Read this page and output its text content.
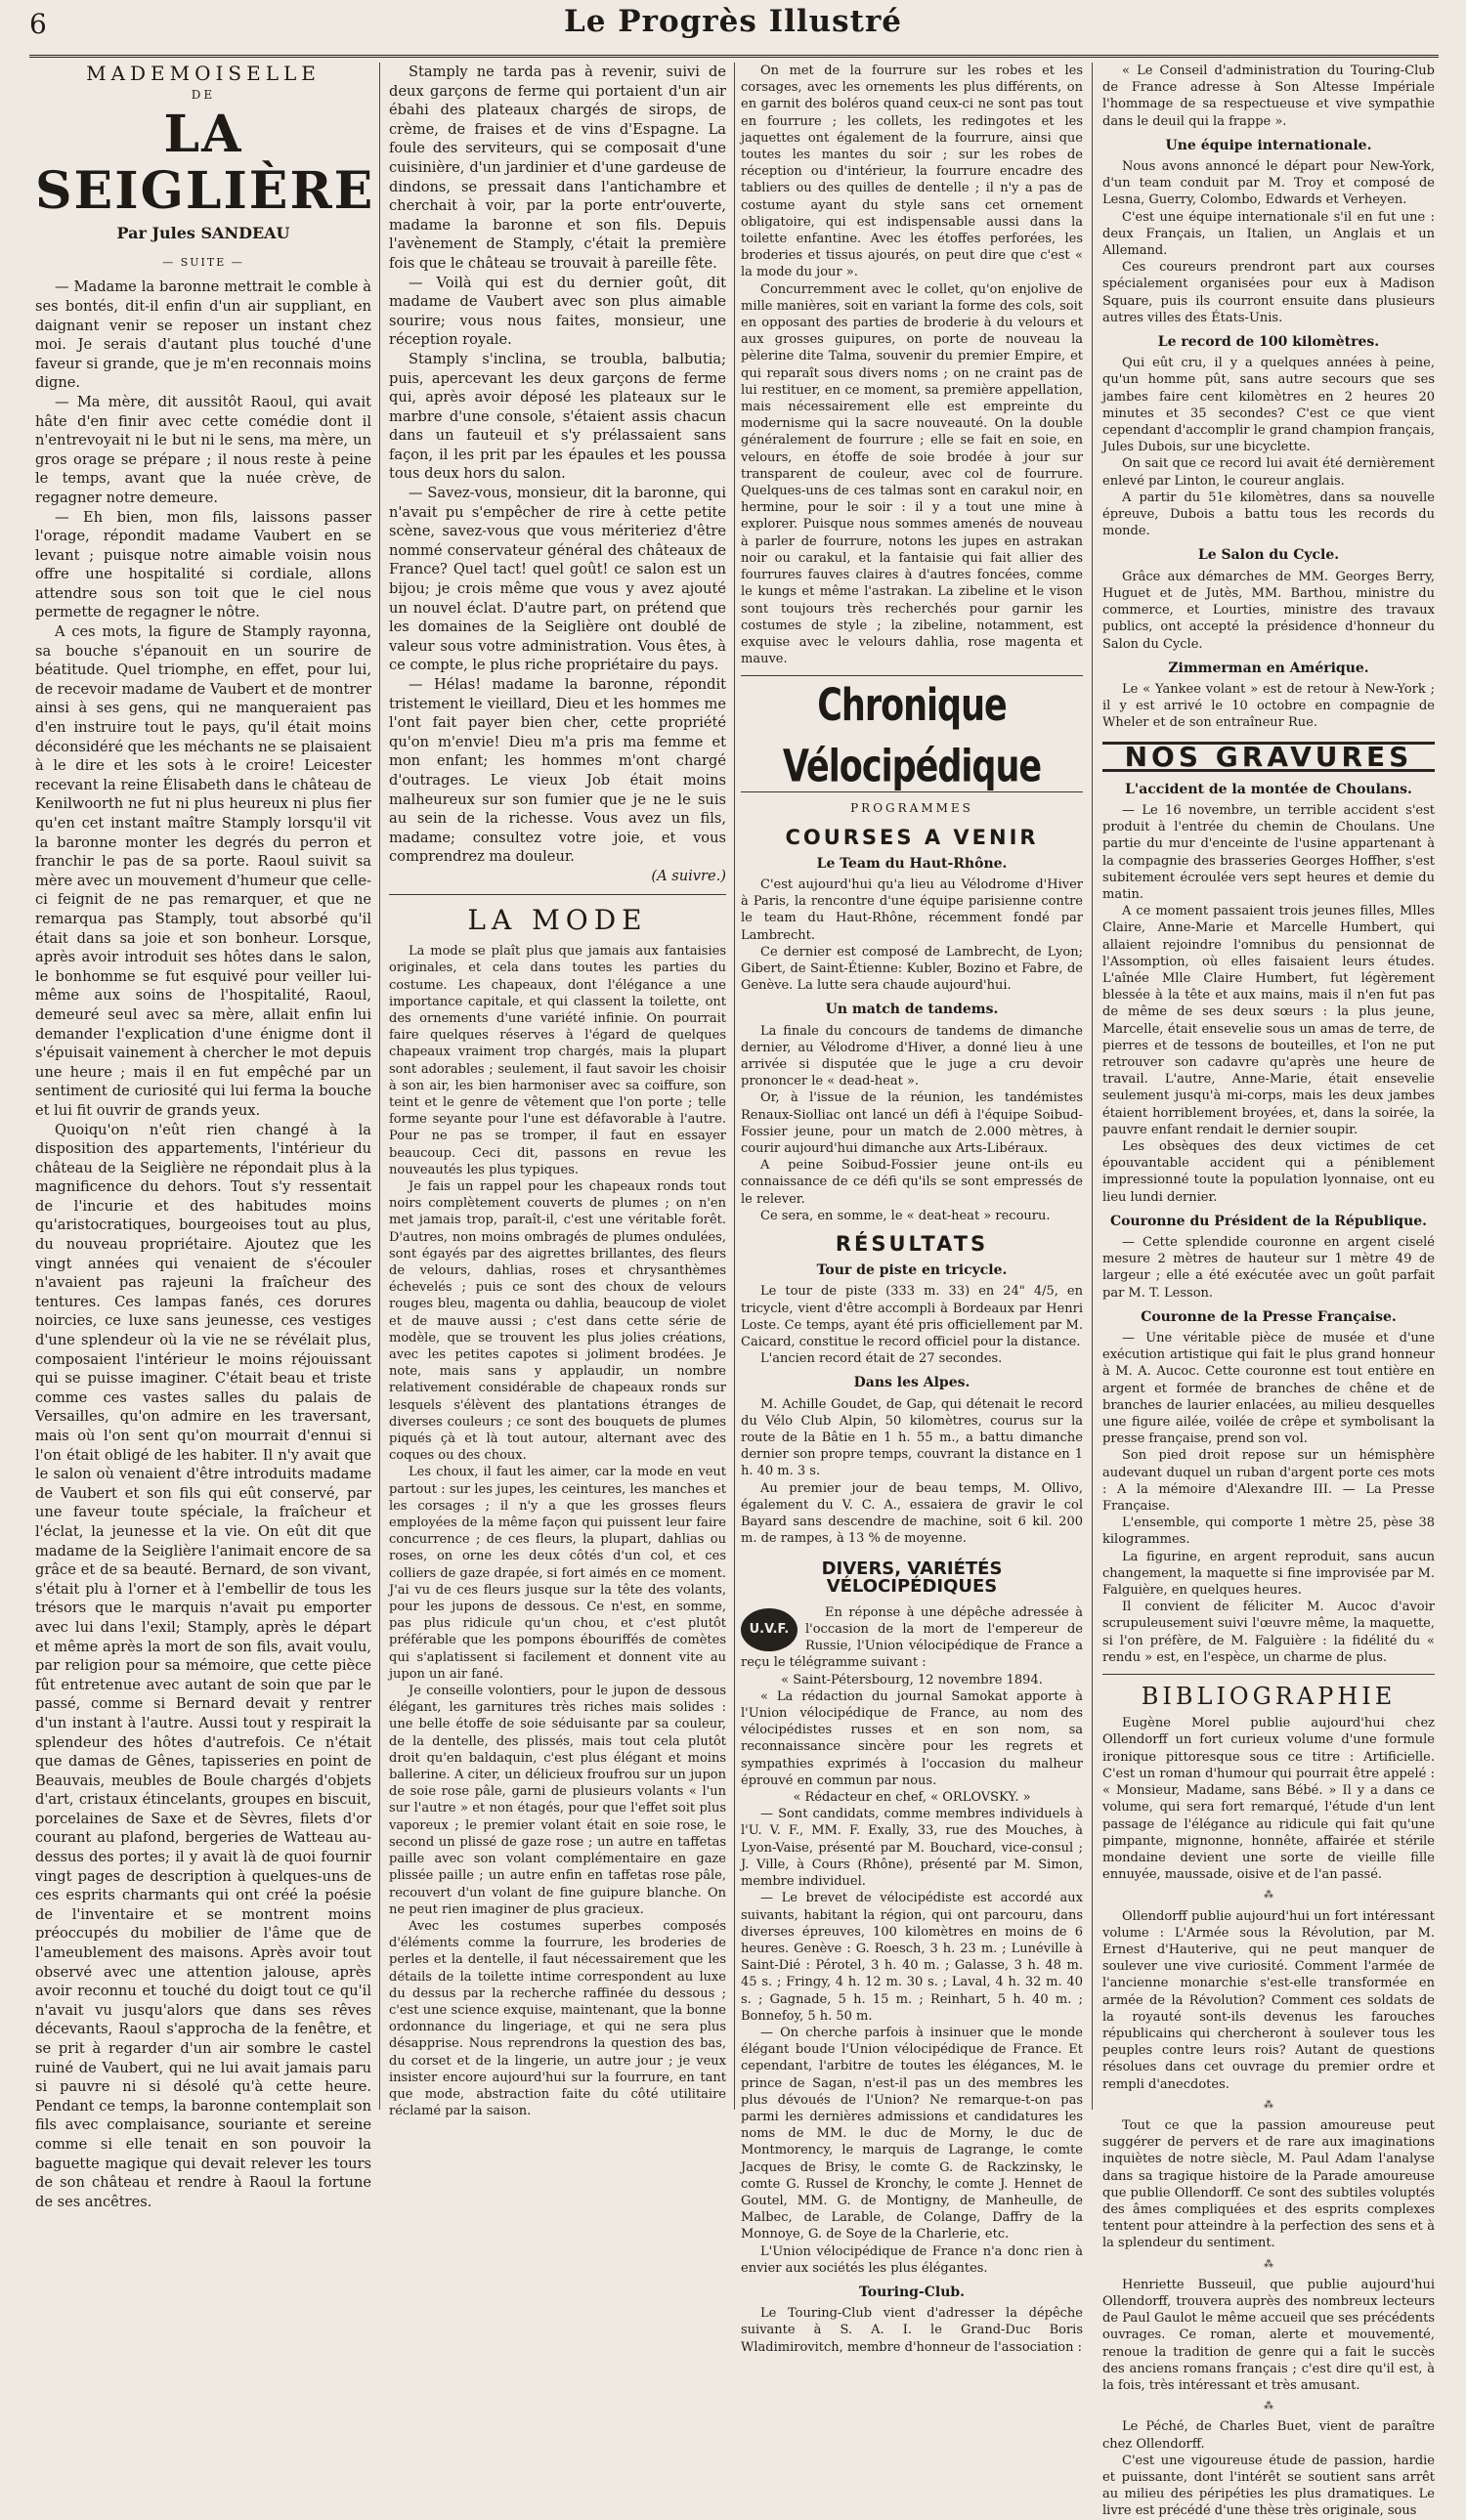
6	Le Progrès Illustré
MADEMOISELLE
DE
LA SEIGLIÈRE
Par Jules SANDEAU
— SUITE —

— Madame la baronne mettrait le comble à ses bontés, dit-il enfin d'un air suppliant, en daignant venir se reposer un instant chez moi. Je serais d'autant plus touché d'une faveur si grande, que je m'en reconnais moins digne.

— Ma mère, dit aussitôt Raoul, qui avait hâte d'en finir avec cette comédie dont il n'entrevoyait ni le but ni le sens, ma mère, un gros orage se prépare ; il nous reste à peine le temps, avant que la nuée crève, de regagner notre demeure.

— Eh bien, mon fils, laissons passer l'orage, répondit madame Vaubert en se levant ; puisque notre aimable voisin nous offre une hospitalité si cordiale, allons attendre sous son toit que le ciel nous permette de regagner le nôtre.

A ces mots, la figure de Stamply rayonna, sa bouche s'épanouit en un sourire de béatitude. Quel triomphe, en effet, pour lui, de recevoir madame de Vaubert et de montrer ainsi à ses gens, qui ne manqueraient pas d'en instruire tout le pays, qu'il était moins déconsidéré que les méchants ne se plaisaient à le dire et les sots à le croire! Leicester recevant la reine Élisabeth dans le château de Kenilwoorth ne fut ni plus heureux ni plus fier qu'en cet instant maître Stamply lorsqu'il vit la baronne monter les degrés du perron et franchir le pas de sa porte. Raoul suivit sa mère avec un mouvement d'humeur que celle-ci feignit de ne pas remarquer, et que ne remarqua pas Stamply, tout absorbé qu'il était dans sa joie et son bonheur. Lorsque, après avoir introduit ses hôtes dans le salon, le bonhomme se fut esquivé pour veiller lui-même aux soins de l'hospitalité, Raoul, demeuré seul avec sa mère, allait enfin lui demander l'explication d'une énigme dont il s'épuisait vainement à chercher le mot depuis une heure ; mais il en fut empêché par un sentiment de curiosité qui lui ferma la bouche et lui fit ouvrir de grands yeux.

Quoiqu'on n'eût rien changé à la disposition des appartements, l'intérieur du château de la Seiglière ne répondait plus à la magnificence du dehors. Tout s'y ressentait de l'incurie et des habitudes moins qu'aristocratiques, bourgeoises tout au plus, du nouveau propriétaire. Ajoutez que les vingt années qui venaient de s'écouler n'avaient pas rajeuni la fraîcheur des tentures. Ces lampas fanés, ces dorures noircies, ce luxe sans jeunesse, ces vestiges d'une splendeur où la vie ne se révélait plus, composaient l'intérieur le moins réjouissant qui se puisse imaginer. C'était beau et triste comme ces vastes salles du palais de Versailles, qu'on admire en les traversant, mais où l'on sent qu'on mourrait d'ennui si l'on était obligé de les habiter. Il n'y avait que le salon où venaient d'être introduits madame de Vaubert et son fils qui eût conservé, par une faveur toute spéciale, la fraîcheur et l'éclat, la jeunesse et la vie. On eût dit que madame de la Seiglière l'animait encore de sa grâce et de sa beauté. Bernard, de son vivant, s'était plu à l'orner et à l'embellir de tous les trésors que le marquis n'avait pu emporter avec lui dans l'exil; Stamply, après le départ et même après la mort de son fils, avait voulu, par religion pour sa mémoire, que cette pièce fût entretenue avec autant de soin que par le passé, comme si Bernard devait y rentrer d'un instant à l'autre. Aussi tout y respirait la splendeur des hôtes d'autrefois. Ce n'était que damas de Gênes, tapisseries en point de Beauvais, meubles de Boule chargés d'objets d'art, cristaux étincelants, groupes en biscuit, porcelaines de Saxe et de Sèvres, filets d'or courant au plafond, bergeries de Watteau au-dessus des portes; il y avait là de quoi fournir vingt pages de description à quelques-uns de ces esprits charmants qui ont créé la poésie de l'inventaire et se montrent moins préoccupés du mobilier de l'âme que de l'ameublement des maisons. Après avoir tout observé avec une attention jalouse, après avoir reconnu et touché du doigt tout ce qu'il n'avait vu jusqu'alors que dans ses rêves décevants, Raoul s'approcha de la fenêtre, et se prit à regarder d'un air sombre le castel ruiné de Vaubert, qui ne lui avait jamais paru si pauvre ni si désolé qu'à cette heure. Pendant ce temps, la baronne contemplait son fils avec complaisance, souriante et sereine comme si elle tenait en son pouvoir la baguette magique qui devait relever les tours de son château et rendre à Raoul la fortune de ses ancêtres.

Stamply ne tarda pas à revenir, suivi de deux garçons de ferme qui portaient d'un air ébahi des plateaux chargés de sirops, de crème, de fraises et de vins d'Espagne. La foule des serviteurs, qui se composait d'une cuisinière, d'un jardinier et d'une gardeuse de dindons, se pressait dans l'antichambre et cherchait à voir, par la porte entr'ouverte, madame la baronne et son fils. Depuis l'avènement de Stamply, c'était la première fois que le château se trouvait à pareille fête.

— Voilà qui est du dernier goût, dit madame de Vaubert avec son plus aimable sourire; vous nous faites, monsieur, une réception royale.

Stamply s'inclina, se troubla, balbutia; puis, apercevant les deux garçons de ferme qui, après avoir déposé les plateaux sur le marbre d'une console, s'étaient assis chacun dans un fauteuil et s'y prélassaient sans façon, il les prit par les épaules et les poussa tous deux hors du salon.

— Savez-vous, monsieur, dit la baronne, qui n'avait pu s'empêcher de rire à cette petite scène, savez-vous que vous mériteriez d'être nommé conservateur général des châteaux de France? Quel tact! quel goût! ce salon est un bijou; je crois même que vous y avez ajouté un nouvel éclat. D'autre part, on prétend que les domaines de la Seiglière ont doublé de valeur sous votre administration. Vous êtes, à ce compte, le plus riche propriétaire du pays.

— Hélas! madame la baronne, répondit tristement le vieillard, Dieu et les hommes me l'ont fait payer bien cher, cette propriété qu'on m'envie! Dieu m'a pris ma femme et mon enfant; les hommes m'ont chargé d'outrages. Le vieux Job était moins malheureux sur son fumier que je ne le suis au sein de la richesse. Vous avez un fils, madame; consultez votre joie, et vous comprendrez ma douleur.

(A suivre.)
LA MODE

La mode se plaît plus que jamais aux fantaisies originales, et cela dans toutes les parties du costume. Les chapeaux, dont l'élégance a une importance capitale, et qui classent la toilette, ont des ornements d'une variété infinie. On pourrait faire quelques réserves à l'égard de quelques chapeaux vraiment trop chargés, mais la plupart sont adorables ; seulement, il faut savoir les choisir à son air, les bien harmoniser avec sa coiffure, son teint et le genre de vêtement que l'on porte ; telle forme seyante pour l'une est défavorable à l'autre. Pour ne pas se tromper, il faut en essayer beaucoup. Ceci dit, passons en revue les nouveautés les plus typiques.

Je fais un rappel pour les chapeaux ronds tout noirs complètement couverts de plumes ; on n'en met jamais trop, paraît-il, c'est une véritable forêt. D'autres, non moins ombragés de plumes ondulées, sont égayés par des aigrettes brillantes, des fleurs de velours, dahlias, roses et chrysanthèmes échevelés ; puis ce sont des choux de velours rouges bleu, magenta ou dahlia, beaucoup de violet et de mauve aussi ; c'est dans cette série de modèle, que se trouvent les plus jolies créations, avec les petites capotes si joliment brodées. Je note, mais sans y applaudir, un nombre relativement considérable de chapeaux ronds sur lesquels s'élèvent des plantations étranges de diverses couleurs ; ce sont des bouquets de plumes piqués çà et là tout autour, alternant avec des coques ou des choux.

Les choux, il faut les aimer, car la mode en veut partout : sur les jupes, les ceintures, les manches et les corsages ; il n'y a que les grosses fleurs employées de la même façon qui puissent leur faire concurrence ; de ces fleurs, la plupart, dahlias ou roses, on orne les deux côtés d'un col, et ces colliers de gaze drapée, si fort aimés en ce moment. J'ai vu de ces fleurs jusque sur la tête des volants, pour les jupons de dessous. Ce n'est, en somme, pas plus ridicule qu'un chou, et c'est plutôt préférable que les pompons ébouriffés de comètes qui s'aplatissent si facilement et donnent vite au jupon un air fané.

Je conseille volontiers, pour le jupon de dessous élégant, les garnitures très riches mais solides : une belle étoffe de soie séduisante par sa couleur, de la dentelle, des plissés, mais tout cela plutôt droit qu'en baldaquin, c'est plus élégant et moins ballerine. A citer, un délicieux froufrou sur un jupon de soie rose pâle, garni de plusieurs volants « l'un sur l'autre » et non étagés, pour que l'effet soit plus vaporeux ; le premier volant était en soie rose, le second un plissé de gaze rose ; un autre en taffetas paille avec son volant complémentaire en gaze plissée paille ; un autre enfin en taffetas rose pâle, recouvert d'un volant de fine guipure blanche. On ne peut rien imaginer de plus gracieux.

Avec les costumes superbes composés d'éléments comme la fourrure, les broderies de perles et la dentelle, il faut nécessairement que les détails de la toilette intime correspondent au luxe du dessus par la recherche raffinée du dessous ; c'est une science exquise, maintenant, que la bonne ordonnance du lingeriage, et qui ne sera plus désapprise. Nous reprendrons la question des bas, du corset et de la lingerie, un autre jour ; je veux insister encore aujourd'hui sur la fourrure, en tant que mode, abstraction faite du côté utilitaire réclamé par la saison.

On met de la fourrure sur les robes et les corsages, avec les ornements les plus différents, on en garnit des boléros quand ceux-ci ne sont pas tout en fourrure ; les collets, les redingotes et les jaquettes ont également de la fourrure, ainsi que toutes les mantes du soir ; sur les robes de réception ou d'intérieur, la fourrure encadre des tabliers ou des quilles de dentelle ; il n'y a pas de costume ayant du style sans cet ornement obligatoire, qui est indispensable aussi dans la toilette enfantine. Avec les étoffes perforées, les broderies et tissus ajourés, on peut dire que c'est « la mode du jour ».

Concurremment avec le collet, qu'on enjolive de mille manières, soit en variant la forme des cols, soit en opposant des parties de broderie à du velours et aux grosses guipures, on porte de nouveau la pèlerine dite Talma, souvenir du premier Empire, et qui reparaît sous divers noms ; on ne craint pas de lui restituer, en ce moment, sa première appellation, mais nécessairement elle est empreinte du modernisme qui la sacre nouveauté. On la double généralement de fourrure ; elle se fait en soie, en velours, en étoffe de soie brodée à jour sur transparent de couleur, avec col de fourrure. Quelques-uns de ces talmas sont en carakul noir, en hermine, pour le soir : il y a tout une mine à explorer. Puisque nous sommes amenés de nouveau à parler de fourrure, notons les jupes en astrakan noir ou carakul, et la fantaisie qui fait allier des fourrures fauves claires à d'autres foncées, comme le kungs et même l'astrakan. La zibeline et le vison sont toujours très recherchés pour garnir les costumes de style ; la zibeline, notamment, est exquise avec le velours dahlia, rose magenta et mauve.

Chronique Vélocipédique
PROGRAMMES
COURSES A VENIR
Le Team du Haut-Rhône.

C'est aujourd'hui qu'a lieu au Vélodrome d'Hiver à Paris, la rencontre d'une équipe parisienne contre le team du Haut-Rhône, récemment fondé par Lambrecht.

Ce dernier est composé de Lambrecht, de Lyon; Gibert, de Saint-Étienne: Kubler, Bozino et Fabre, de Genève. La lutte sera chaude aujourd'hui.

Un match de tandems.

La finale du concours de tandems de dimanche dernier, au Vélodrome d'Hiver, a donné lieu à une arrivée si disputée que le juge a cru devoir prononcer le « dead-heat ».

Or, à l'issue de la réunion, les tandémistes Renaux-Siolliac ont lancé un défi à l'équipe Soibud-Fossier jeune, pour un match de 2.000 mètres, à courir aujourd'hui dimanche aux Arts-Libéraux.

A peine Soibud-Fossier jeune ont-ils eu connaissance de ce défi qu'ils se sont empressés de le relever.

Ce sera, en somme, le « deat-heat » recouru.

RÉSULTATS
Tour de piste en tricycle.

Le tour de piste (333 m. 33) en 24" 4/5, en tricycle, vient d'être accompli à Bordeaux par Henri Loste. Ce temps, ayant été pris officiellement par M. Caicard, constitue le record officiel pour la distance.

L'ancien record était de 27 secondes.

Dans les Alpes.

M. Achille Goudet, de Gap, qui détenait le record du Vélo Club Alpin, 50 kilomètres, courus sur la route de la Bâtie en 1 h. 55 m., a battu dimanche dernier son propre temps, couvrant la distance en 1 h. 40 m. 3 s.

Au premier jour de beau temps, M. Ollivo, également du V. C. A., essaiera de gravir le col Bayard sans descendre de machine, soit 6 kil. 200 m. de rampes, à 13 % de moyenne.

DIVERS, VARIÉTÉS VÉLOCIPÉDIQUES
U.V.F.

En réponse à une dépêche adressée à l'occasion de la mort de l'empereur de Russie, l'Union vélocipédique de France a reçu le télégramme suivant :

« Saint-Pétersbourg, 12 novembre 1894.

« La rédaction du journal Samokat apporte à l'Union vélocipédique de France, au nom des vélocipédistes russes et en son nom, sa reconnaissance sincère pour les regrets et sympathies exprimés à l'occasion du malheur éprouvé en commun par nous.

« Rédacteur en chef, « ORLOVSKY. »

— Sont candidats, comme membres individuels à l'U. V. F., MM. F. Exally, 33, rue des Mouches, à Lyon-Vaise, présenté par M. Bouchard, vice-consul ; J. Ville, à Cours (Rhône), présenté par M. Simon, membre individuel.

— Le brevet de vélocipédiste est accordé aux suivants, habitant la région, qui ont parcouru, dans diverses épreuves, 100 kilomètres en moins de 6 heures. Genève : G. Roesch, 3 h. 23 m. ; Lunéville à Saint-Dié : Pérotel, 3 h. 40 m. ; Galasse, 3 h. 48 m. 45 s. ; Fringy, 4 h. 12 m. 30 s. ; Laval, 4 h. 32 m. 40 s. ; Gagnade, 5 h. 15 m. ; Reinhart, 5 h. 40 m. ; Bonnefoy, 5 h. 50 m.

— On cherche parfois à insinuer que le monde élégant boude l'Union vélocipédique de France. Et cependant, l'arbitre de toutes les élégances, M. le prince de Sagan, n'est-il pas un des membres les plus dévoués de l'Union? Ne remarque-t-on pas parmi les dernières admissions et candidatures les noms de MM. le duc de Morny, le duc de Montmorency, le marquis de Lagrange, le comte Jacques de Brisy, le comte G. de Rackzinsky, le comte G. Russel de Kronchy, le comte J. Hennet de Goutel, MM. G. de Montigny, de Manheulle, de Malbec, de Larable, de Colange, Daffry de la Monnoye, G. de Soye de la Charlerie, etc.

L'Union vélocipédique de France n'a donc rien à envier aux sociétés les plus élégantes.

Touring-Club.

Le Touring-Club vient d'adresser la dépêche suivante à S. A. I. le Grand-Duc Boris Wladimirovitch, membre d'honneur de l'association :

« Le Conseil d'administration du Touring-Club de France adresse à Son Altesse Impériale l'hommage de sa respectueuse et vive sympathie dans le deuil qui la frappe ».

Une équipe internationale.

Nous avons annoncé le départ pour New-York, d'un team conduit par M. Troy et composé de Lesna, Guerry, Colombo, Edwards et Verheyen.

C'est une équipe internationale s'il en fut une : deux Français, un Italien, un Anglais et un Allemand.

Ces coureurs prendront part aux courses spécialement organisées pour eux à Madison Square, puis ils courront ensuite dans plusieurs autres villes des États-Unis.

Le record de 100 kilomètres.

Qui eût cru, il y a quelques années à peine, qu'un homme pût, sans autre secours que ses jambes faire cent kilomètres en 2 heures 20 minutes et 35 secondes? C'est ce que vient cependant d'accomplir le grand champion français, Jules Dubois, sur une bicyclette.

On sait que ce record lui avait été dernièrement enlevé par Linton, le coureur anglais.

A partir du 51e kilomètres, dans sa nouvelle épreuve, Dubois a battu tous les records du monde.

Le Salon du Cycle.

Grâce aux démarches de MM. Georges Berry, Huguet et de Jutès, MM. Barthou, ministre du commerce, et Lourties, ministre des travaux publics, ont accepté la présidence d'honneur du Salon du Cycle.

Zimmerman en Amérique.

Le « Yankee volant » est de retour à New-York ; il y est arrivé le 10 octobre en compagnie de Wheler et de son entraîneur Rue.

NOS GRAVURES
L'accident de la montée de Choulans.

— Le 16 novembre, un terrible accident s'est produit à l'entrée du chemin de Choulans. Une partie du mur d'enceinte de l'usine appartenant à la compagnie des brasseries Georges Hoffher, s'est subitement écroulée vers sept heures et demie du matin.

A ce moment passaient trois jeunes filles, Mlles Claire, Anne-Marie et Marcelle Humbert, qui allaient rejoindre l'omnibus du pensionnat de l'Assomption, où elles faisaient leurs études. L'aînée Mlle Claire Humbert, fut légèrement blessée à la tête et aux mains, mais il n'en fut pas de même de ses deux sœurs : la plus jeune, Marcelle, était ensevelie sous un amas de terre, de pierres et de tessons de bouteilles, et l'on ne put retrouver son cadavre qu'après une heure de travail. L'autre, Anne-Marie, était ensevelie seulement jusqu'à mi-corps, mais les deux jambes étaient horriblement broyées, et, dans la soirée, la pauvre enfant rendait le dernier soupir.

Les obsèques des deux victimes de cet épouvantable accident qui a péniblement impressionné toute la population lyonnaise, ont eu lieu lundi dernier.

Couronne du Président de la République.

— Cette splendide couronne en argent ciselé mesure 2 mètres de hauteur sur 1 mètre 49 de largeur ; elle a été exécutée avec un goût parfait par M. T. Lesson.

Couronne de la Presse Française.

— Une véritable pièce de musée et d'une exécution artistique qui fait le plus grand honneur à M. A. Aucoc. Cette couronne est tout entière en argent et formée de branches de chêne et de branches de laurier enlacées, au milieu desquelles une figure ailée, voilée de crêpe et symbolisant la presse française, prend son vol.

Son pied droit repose sur un hémisphère audevant duquel un ruban d'argent porte ces mots : A la mémoire d'Alexandre III. — La Presse Française.

L'ensemble, qui comporte 1 mètre 25, pèse 38 kilogrammes.

La figurine, en argent reproduit, sans aucun changement, la maquette si fine improvisée par M. Falguière, en quelques heures.

Il convient de féliciter M. Aucoc d'avoir scrupuleusement suivi l'œuvre même, la maquette, si l'on préfère, de M. Falguière : la fidélité du « rendu » est, en l'espèce, un charme de plus.

BIBLIOGRAPHIE

Eugène Morel publie aujourd'hui chez Ollendorff un fort curieux volume d'une formule ironique pittoresque sous ce titre : Artificielle. C'est un roman d'humour qui pourrait être appelé : « Monsieur, Madame, sans Bébé. » Il y a dans ce volume, qui sera fort remarqué, l'étude d'un lent passage de l'élégance au ridicule qui fait qu'une pimpante, mignonne, honnête, affairée et stérile mondaine devient une sorte de vieille fille ennuyée, maussade, oisive et de l'an passé.

⁂

Ollendorff publie aujourd'hui un fort intéressant volume : L'Armée sous la Révolution, par M. Ernest d'Hauterive, qui ne peut manquer de soulever une vive curiosité. Comment l'armée de l'ancienne monarchie s'est-elle transformée en armée de la Révolution? Comment ces soldats de la royauté sont-ils devenus les farouches républicains qui chercheront à soulever tous les peuples contre leurs rois? Autant de questions résolues dans cet ouvrage du premier ordre et rempli d'anecdotes.

⁂

Tout ce que la passion amoureuse peut suggérer de pervers et de rare aux imaginations inquiètes de notre siècle, M. Paul Adam l'analyse dans sa tragique histoire de la Parade amoureuse que publie Ollendorff. Ce sont des subtiles voluptés des âmes compliquées et des esprits complexes tentent pour atteindre à la perfection des sens et à la splendeur du sentiment.

⁂

Henriette Busseuil, que publie aujourd'hui Ollendorff, trouvera auprès des nombreux lecteurs de Paul Gaulot le même accueil que ses précédents ouvrages. Ce roman, alerte et mouvementé, renoue la tradition de genre qui a fait le succès des anciens romans français ; c'est dire qu'il est, à la fois, très intéressant et très amusant.

⁂

Le Péché, de Charles Buet, vient de paraître chez Ollendorff.

C'est une vigoureuse étude de passion, hardie et puissante, dont l'intérêt se soutient sans arrêt au milieu des péripéties les plus dramatiques. Le livre est précédé d'une thèse très originale, sous
